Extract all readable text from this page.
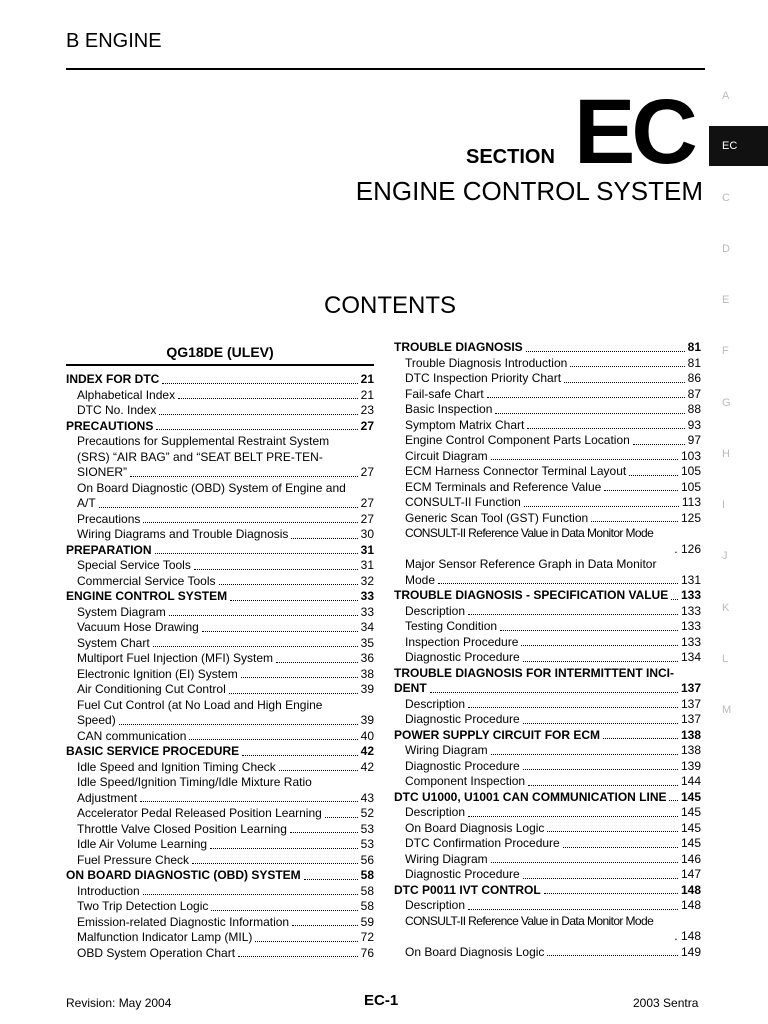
B ENGINE
SECTION EC
ENGINE CONTROL SYSTEM
CONTENTS
A
EC
C
D
E
F
G
H
I
J
K
L
M
QG18DE (ULEV)
INDEX FOR DTC	21
Alphabetical Index	21
DTC No. Index	23
PRECAUTIONS	27
Precautions for Supplemental Restraint System
(SRS) “AIR BAG” and “SEAT BELT PRE-TEN-
SIONER”	27
On Board Diagnostic (OBD) System of Engine and
A/T	27
Precautions	27
Wiring Diagrams and Trouble Diagnosis	30
PREPARATION	31
Special Service Tools	31
Commercial Service Tools	32
ENGINE CONTROL SYSTEM	33
System Diagram	33
Vacuum Hose Drawing	34
System Chart	35
Multiport Fuel Injection (MFI) System	36
Electronic Ignition (EI) System	38
Air Conditioning Cut Control	39
Fuel Cut Control (at No Load and High Engine
Speed)	39
CAN communication	40
BASIC SERVICE PROCEDURE	42
Idle Speed and Ignition Timing Check	42
Idle Speed/Ignition Timing/Idle Mixture Ratio
Adjustment	43
Accelerator Pedal Released Position Learning	52
Throttle Valve Closed Position Learning	53
Idle Air Volume Learning	53
Fuel Pressure Check	56
ON BOARD DIAGNOSTIC (OBD) SYSTEM	58
Introduction	58
Two Trip Detection Logic	58
Emission-related Diagnostic Information	59
Malfunction Indicator Lamp (MIL)	72
OBD System Operation Chart	76
TROUBLE DIAGNOSIS	81
Trouble Diagnosis Introduction	81
DTC Inspection Priority Chart	86
Fail-safe Chart	87
Basic Inspection	88
Symptom Matrix Chart	93
Engine Control Component Parts Location	97
Circuit Diagram	103
ECM Harness Connector Terminal Layout	105
ECM Terminals and Reference Value	105
CONSULT-II Function	113
Generic Scan Tool (GST) Function	125
CONSULT-II Reference Value in Data Monitor Mode
. 126
Major Sensor Reference Graph in Data Monitor
Mode	131
TROUBLE DIAGNOSIS - SPECIFICATION VALUE 133
Description	133
Testing Condition	133
Inspection Procedure	133
Diagnostic Procedure	134
TROUBLE DIAGNOSIS FOR INTERMITTENT INCI-
DENT	137
Description	137
Diagnostic Procedure	137
POWER SUPPLY CIRCUIT FOR ECM	138
Wiring Diagram	138
Diagnostic Procedure	139
Component Inspection	144
DTC U1000, U1001 CAN COMMUNICATION LINE 145
Description	145
On Board Diagnosis Logic	145
DTC Confirmation Procedure	145
Wiring Diagram	146
Diagnostic Procedure	147
DTC P0011 IVT CONTROL	148
Description	148
CONSULT-II Reference Value in Data Monitor Mode
. 148
On Board Diagnosis Logic	149
Revision: May 2004	EC-1	2003 Sentra
